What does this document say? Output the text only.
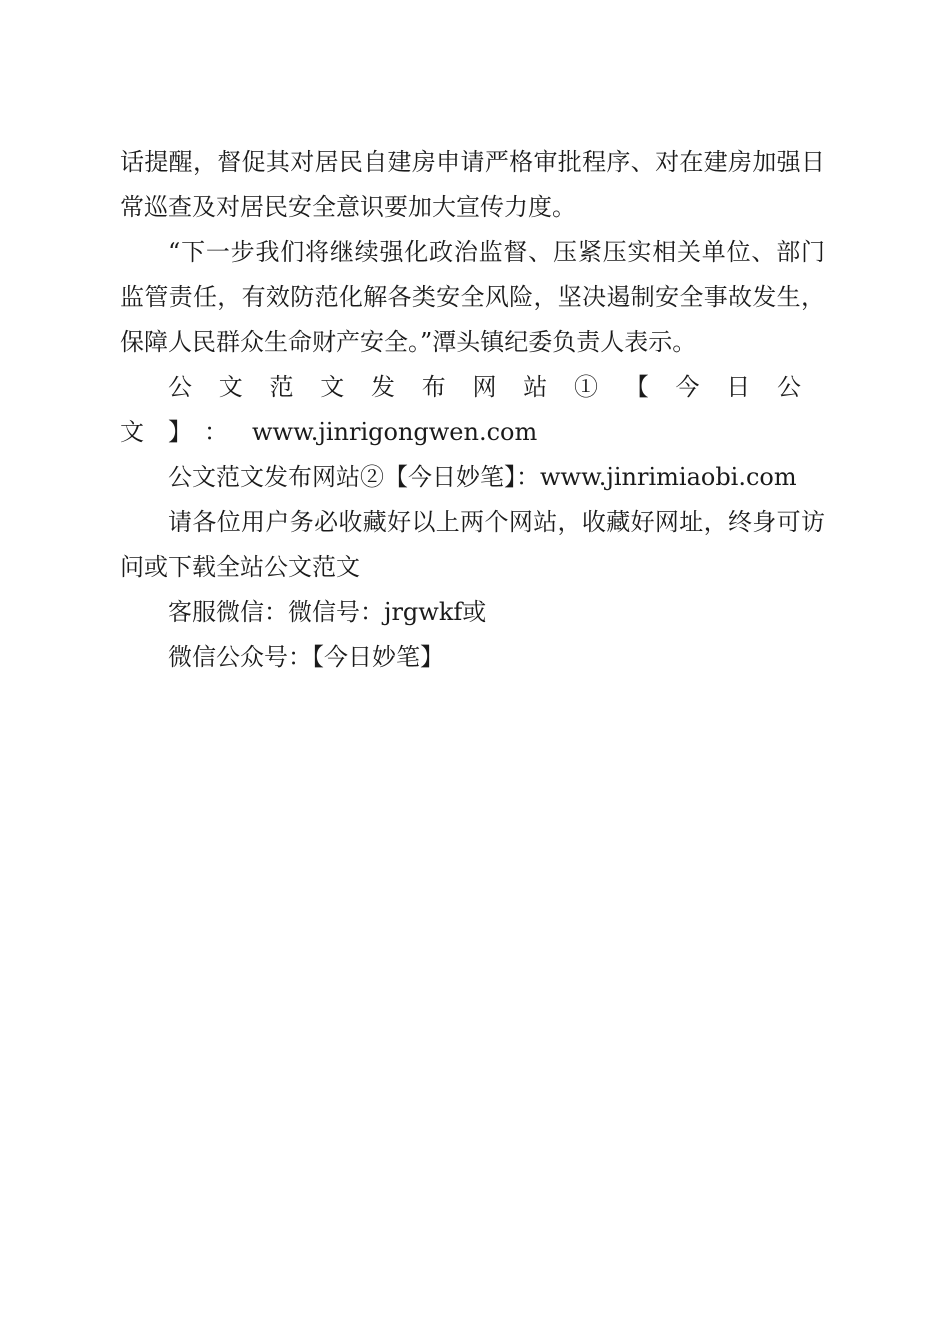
话提醒，督促其对居民自建房申请严格审批程序、对在建房加强日常巡查及对居民安全意识要加大宣传力度。

“下一步我们将继续强化政治监督、压紧压实相关单位、部门监管责任，有效防范化解各类安全风险，坚决遏制安全事故发生，保障人民群众生命财产安全。”潭头镇纪委负责人表示。

公文范文发布网站①【今日公文】：www.jinrigongwen.com

公文范文发布网站②【今日妙笔】：www.jinrimiaobi.com

请各位用户务必收藏好以上两个网站，收藏好网址，终身可访问或下载全站公文范文

客服微信：微信号：jrgwkf或

微信公众号：【今日妙笔】
